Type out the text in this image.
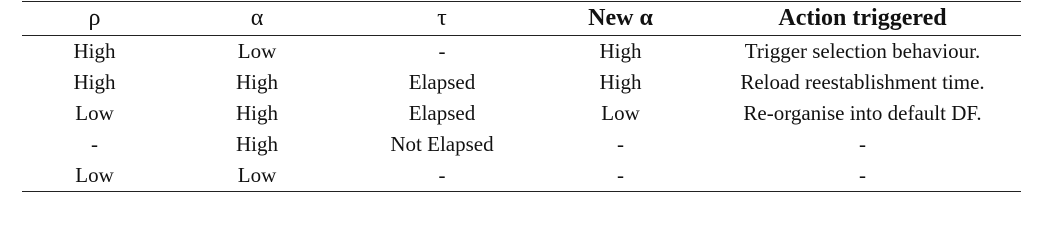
ρ	α	τ	New α	Action triggered
High	Low	-	High	Trigger selection behaviour.
High	High	Elapsed	High	Reload reestablishment time.
Low	High	Elapsed	Low	Re-organise into default DF.
-	High	Not Elapsed	-	-
Low	Low	-	-	-
